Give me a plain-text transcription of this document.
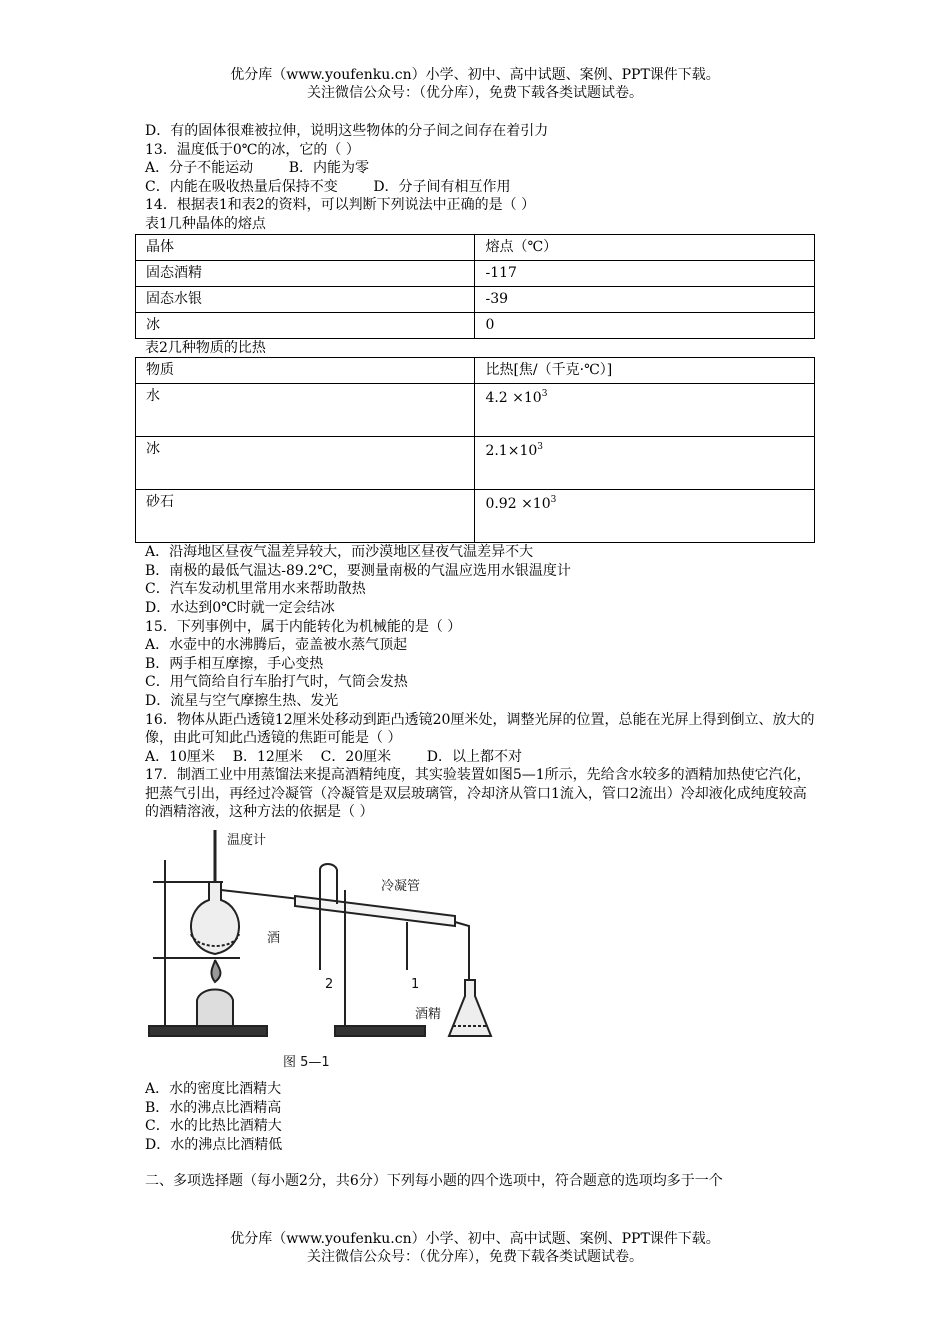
优分库（www.youfenku.cn）小学、初中、高中试题、案例、PPT课件下载。
关注微信公众号：（优分库），免费下载各类试题试卷。
D．有的固体很难被拉伸，说明这些物体的分子间之间存在着引力
13．温度低于0℃的冰，它的（ ）
A．分子不能运动        B．内能为零
C．内能在吸收热量后保持不变        D．分子间有相互作用
14．根据表1和表2的资料，可以判断下列说法中正确的是（ ）
表1几种晶体的熔点
晶体	熔点（℃）
固态酒精	-117
固态水银	-39
冰	0
表2几种物质的比热
物质	比热[焦/（千克·℃）]
水	$4.2 \times 10^3$
冰	$2.1\times 10^3$
砂石	$0.92 \times 10^3$
A．沿海地区昼夜气温差异较大，而沙漠地区昼夜气温差异不大
B．南极的最低气温达-89.2℃，要测量南极的气温应选用水银温度计
C．汽车发动机里常用水来帮助散热
D．水达到0℃时就一定会结冰
15．下列事例中，属于内能转化为机械能的是（ ）
A．水壶中的水沸腾后，壶盖被水蒸气顶起
B．两手相互摩擦，手心变热
C．用气筒给自行车胎打气时，气筒会发热
D．流星与空气摩擦生热、发光
16．物体从距凸透镜12厘米处移动到距凸透镜20厘米处，调整光屏的位置，总能在光屏上得到倒立、放大的像，由此可知此凸透镜的焦距可能是（ ）
A．10厘米    B．12厘米    C．20厘米        D．以上都不对
17．制酒工业中用蒸馏法来提高酒精纯度，其实验装置如图5—1所示，先给含水较多的酒精加热使它汽化，把蒸气引出，再经过冷凝管（冷凝管是双层玻璃管，冷却济从管口1流入，管口2流出）冷却液化成纯度较高的酒精溶液，这种方法的依据是（ ）
温度计
冷凝管
酒
2	1
酒精
图 5—1
A．水的密度比酒精大
B．水的沸点比酒精高
C．水的比热比酒精大
D．水的沸点比酒精低
二、多项选择题（每小题2分，共6分）下列每小题的四个选项中，符合题意的选项均多于一个
优分库（www.youfenku.cn）小学、初中、高中试题、案例、PPT课件下载。
关注微信公众号：（优分库），免费下载各类试题试卷。
